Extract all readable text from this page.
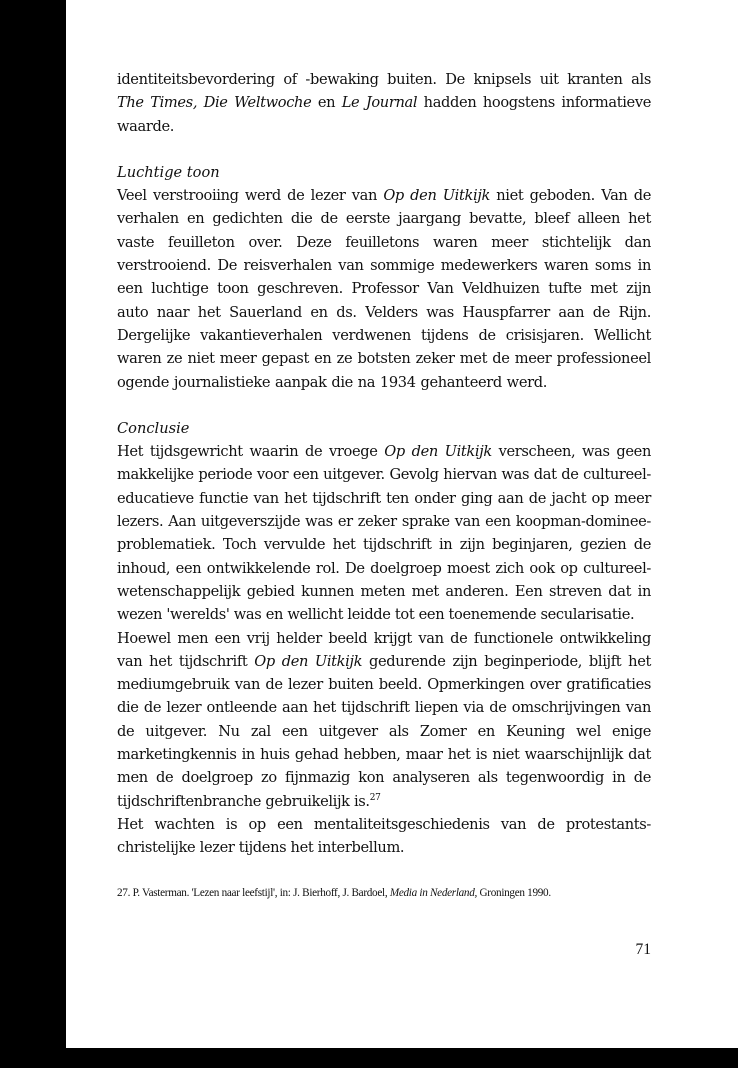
identiteitsbevordering of -bewaking buiten. De knipsels uit kranten als The Times, Die Weltwoche en Le Journal hadden hoogstens informatieve waarde.

Luchtige toon

Veel verstrooiing werd de lezer van Op den Uitkijk niet geboden. Van de verhalen en gedichten die de eerste jaargang bevatte, bleef alleen het vaste feuilleton over. Deze feuilletons waren meer stichtelijk dan verstrooiend. De reisverhalen van sommige medewerkers waren soms in een luchtige toon geschreven. Professor Van Veldhuizen tufte met zijn auto naar het Sauerland en ds. Velders was Hauspfarrer aan de Rijn. Dergelijke vakantieverhalen verdwenen tijdens de crisisjaren. Wellicht waren ze niet meer gepast en ze botsten zeker met de meer professioneel ogende journalistieke aanpak die na 1934 gehanteerd werd.

Conclusie

Het tijdsgewricht waarin de vroege Op den Uitkijk verscheen, was geen makkelijke periode voor een uitgever. Gevolg hiervan was dat de cultureel-educatieve functie van het tijdschrift ten onder ging aan de jacht op meer lezers. Aan uitgeverszijde was er zeker sprake van een koopman-dominee-problematiek. Toch vervulde het tijdschrift in zijn beginjaren, gezien de inhoud, een ontwikkelende rol. De doelgroep moest zich ook op cultureel-wetenschappelijk gebied kunnen meten met anderen. Een streven dat in wezen 'werelds' was en wellicht leidde tot een toenemende secularisatie.

Hoewel men een vrij helder beeld krijgt van de functionele ontwikkeling van het tijdschrift Op den Uitkijk gedurende zijn beginperiode, blijft het mediumgebruik van de lezer buiten beeld. Opmerkingen over gratificaties die de lezer ontleende aan het tijdschrift liepen via de omschrijvingen van de uitgever. Nu zal een uitgever als Zomer en Keuning wel enige marketingkennis in huis gehad hebben, maar het is niet waarschijnlijk dat men de doelgroep zo fijnmazig kon analyseren als tegenwoordig in de tijdschriftenbranche gebruikelijk is.$^{27}$

Het wachten is op een mentaliteitsgeschiedenis van de protestants-christelijke lezer tijdens het interbellum.

27. P. Vasterman. 'Lezen naar leefstijl', in: J. Bierhoff, J. Bardoel, Media in Nederland, Groningen 1990.
71
